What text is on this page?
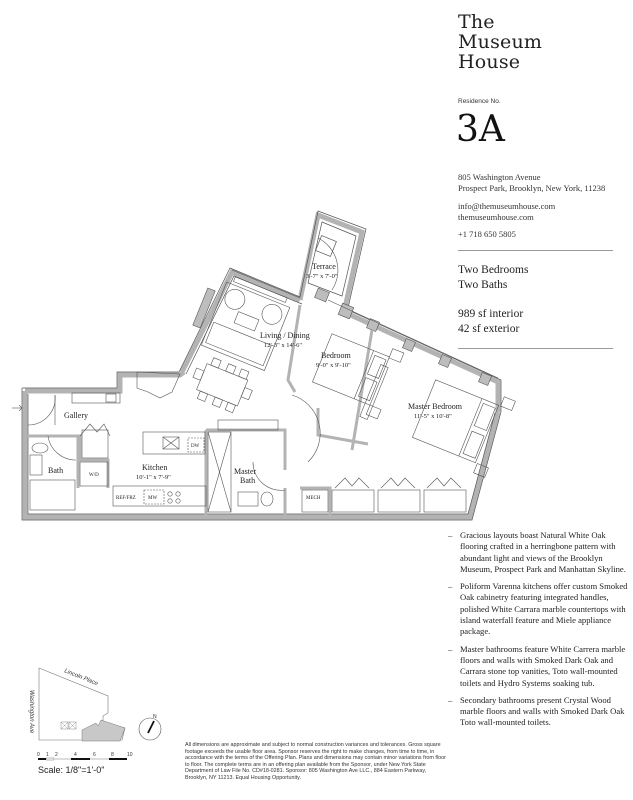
Terrace
3'-7" x 7'-0"
Living / Dining
12'-3" x 14'-6"
Bedroom
9'-0" x 9'-10"
Master Bedroom
11'-5" x 10'-8"
Gallery
Bath	Kitchen
10'-1" x 7'-9"
Master
Bath
W/D
DW
REF/FRZ MW	MECH
Lincoln Place
Washington Ave	N
0 1 2	4	6	8	10
The
Museum
House
Residence No.
3A
805 Washington Avenue
Prospect Park, Brooklyn, New York, 11238
info@themuseumhouse.com
themuseumhouse.com
+1 718 650 5805
Two Bedrooms
Two Baths
989 sf interior
42 sf exterior
– Gracious layouts boast Natural White Oak flooring crafted in a herringbone pattern with abundant light and views of the Brooklyn Museum, Prospect Park and Manhattan Skyline.
– Poliform Varenna kitchens offer custom Smoked Oak cabinetry featuring integrated handles, polished White Carrara marble countertops with island waterfall feature and Miele appliance package.
– Master bathrooms feature White Carrera marble floors and walls with Smoked Dark Oak and Carrara stone top vanities, Toto wall-mounted toilets and Hydro Systems soaking tub.
– Secondary bathrooms present Crystal Wood marble floors and walls with Smoked Dark Oak Toto wall-mounted toilets.
All dimensions are approximate and subject to normal construction variances and tolerances. Gross square footage exceeds the usable floor area. Sponsor reserves the right to make changes, from time to time, in accordance with the terms of the Offering Plan. Plans and dimensions may contain minor variations from floor to floor. The complete terms are in an offering plan available from the Sponsor, under New York State Department of Law File No. CD#18-0281. Sponsor: 805 Washington Ave LLC., 884 Eastern Parkway, Brooklyn, NY 11213. Equal Housing Opportunity.
Scale: 1/8"=1'-0"
